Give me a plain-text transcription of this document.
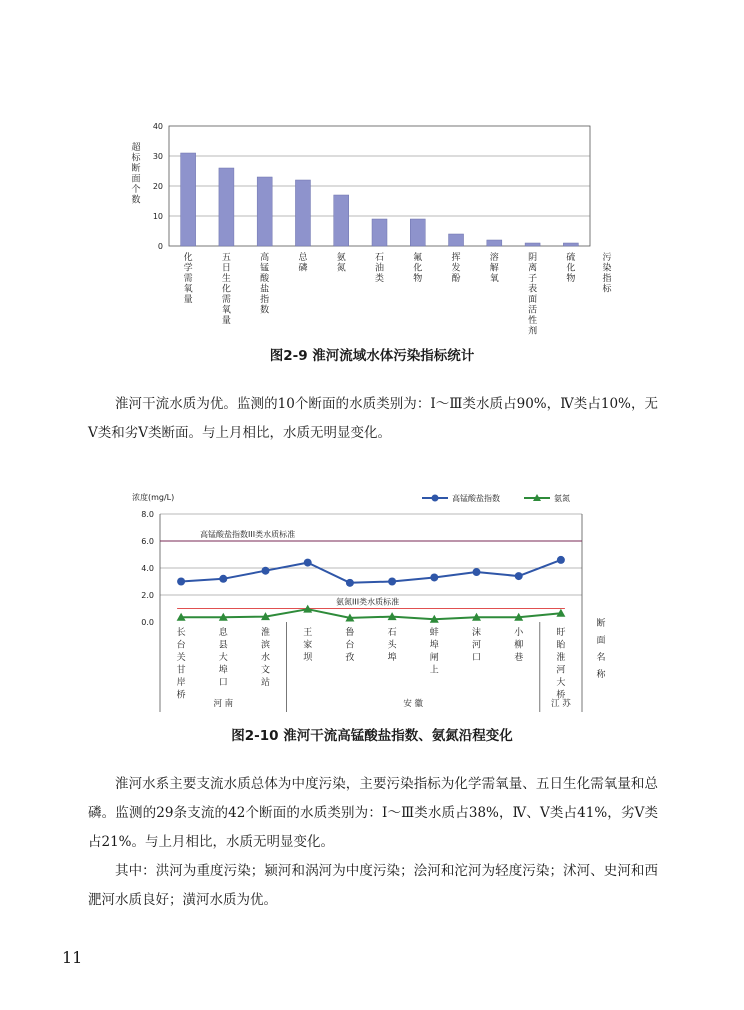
0
10
20
30
40
超标断面个数
化学需氧量
五日生化需氧量
高锰酸盐指数
总磷
氨氮
石油类
氟化物
挥发酚
溶解氧
阴离子表面活性剂
硫化物
污染指标
图2-9 淮河流域水体污染指标统计

淮河干流水质为优。监测的10个断面的水质类别为：Ⅰ～Ⅲ类水质占90%，Ⅳ类占10%，无Ⅴ类和劣Ⅴ类断面。与上月相比，水质无明显变化。

浓度(mg/L)
0.0
2.0
4.0
6.0
8.0
高锰酸盐指数III类水质标准
氨氮III类水质标准
高锰酸盐指数	氨氮
长台关甘岸桥
息县大埠口
淮滨水文站
王家坝
鲁台孜
石头埠
蚌埠闸上
沫河口
小柳巷
盱眙淮河大桥
断面名称
河 南	安 徽	江 苏
图2-10 淮河干流高锰酸盐指数、氨氮沿程变化

淮河水系主要支流水质总体为中度污染，主要污染指标为化学需氧量、五日生化需氧量和总磷。监测的29条支流的42个断面的水质类别为：Ⅰ～Ⅲ类水质占38%，Ⅳ、Ⅴ类占41%，劣Ⅴ类占21%。与上月相比，水质无明显变化。

其中：洪河为重度污染；颍河和涡河为中度污染；浍河和沱河为轻度污染；沭河、史河和西淝河水质良好；潢河水质为优。

11
